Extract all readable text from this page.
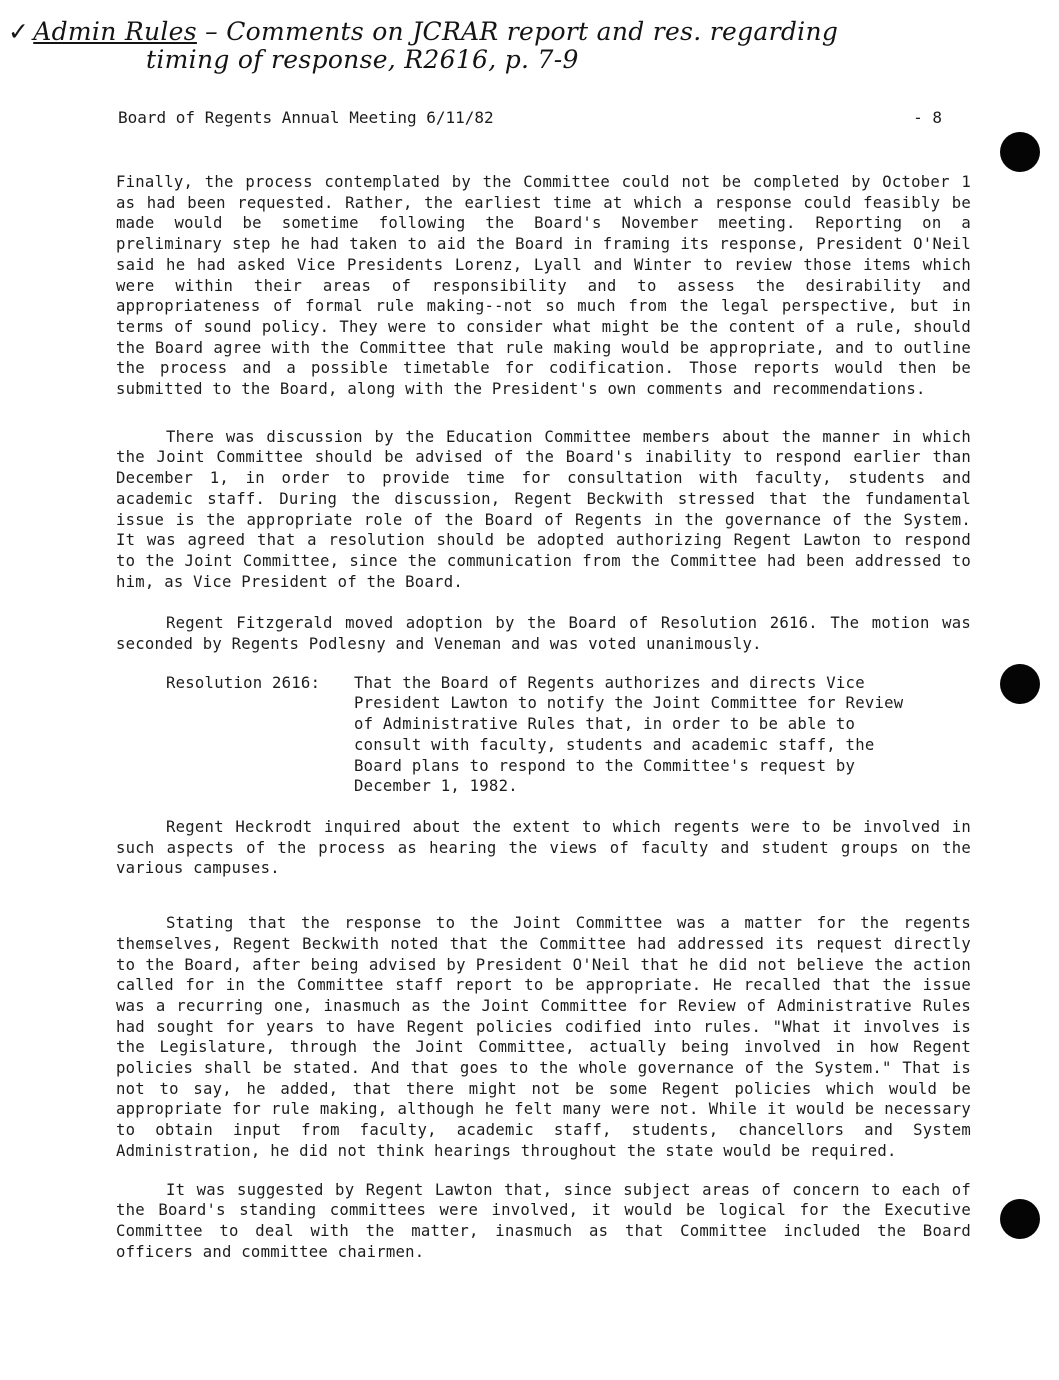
✓ Admin Rules – Comments on JCRAR report and res. regarding
timing of response, R2616, p. 7-9
Board of Regents Annual Meeting 6/11/82	- 8

Finally, the process contemplated by the Committee could not be completed by October 1 as had been requested. Rather, the earliest time at which a response could feasibly be made would be sometime following the Board's November meeting. Reporting on a preliminary step he had taken to aid the Board in framing its response, President O'Neil said he had asked Vice Presidents Lorenz, Lyall and Winter to review those items which were within their areas of responsibility and to assess the desirability and appropriateness of formal rule making--not so much from the legal perspective, but in terms of sound policy. They were to consider what might be the content of a rule, should the Board agree with the Committee that rule making would be appropriate, and to outline the process and a possible timetable for codification. Those reports would then be submitted to the Board, along with the President's own comments and recommendations.

There was discussion by the Education Committee members about the manner in which the Joint Committee should be advised of the Board's inability to respond earlier than December 1, in order to provide time for consultation with faculty, students and academic staff. During the discussion, Regent Beckwith stressed that the fundamental issue is the appropriate role of the Board of Regents in the governance of the System. It was agreed that a resolution should be adopted authorizing Regent Lawton to respond to the Joint Committee, since the communication from the Committee had been addressed to him, as Vice President of the Board.

Regent Fitzgerald moved adoption by the Board of Resolution 2616. The motion was seconded by Regents Podlesny and Veneman and was voted unanimously.

Resolution 2616:	That the Board of Regents authorizes and directs Vice President Lawton to notify the Joint Committee for Review of Administrative Rules that, in order to be able to consult with faculty, students and academic staff, the Board plans to respond to the Committee's request by December 1, 1982.

Regent Heckrodt inquired about the extent to which regents were to be involved in such aspects of the process as hearing the views of faculty and student groups on the various campuses.

Stating that the response to the Joint Committee was a matter for the regents themselves, Regent Beckwith noted that the Committee had addressed its request directly to the Board, after being advised by President O'Neil that he did not believe the action called for in the Committee staff report to be appropriate. He recalled that the issue was a recurring one, inasmuch as the Joint Committee for Review of Administrative Rules had sought for years to have Regent policies codified into rules. "What it involves is the Legislature, through the Joint Committee, actually being involved in how Regent policies shall be stated. And that goes to the whole governance of the System." That is not to say, he added, that there might not be some Regent policies which would be appropriate for rule making, although he felt many were not. While it would be necessary to obtain input from faculty, academic staff, students, chancellors and System Administration, he did not think hearings throughout the state would be required.

It was suggested by Regent Lawton that, since subject areas of concern to each of the Board's standing committees were involved, it would be logical for the Executive Committee to deal with the matter, inasmuch as that Committee included the Board officers and committee chairmen.
